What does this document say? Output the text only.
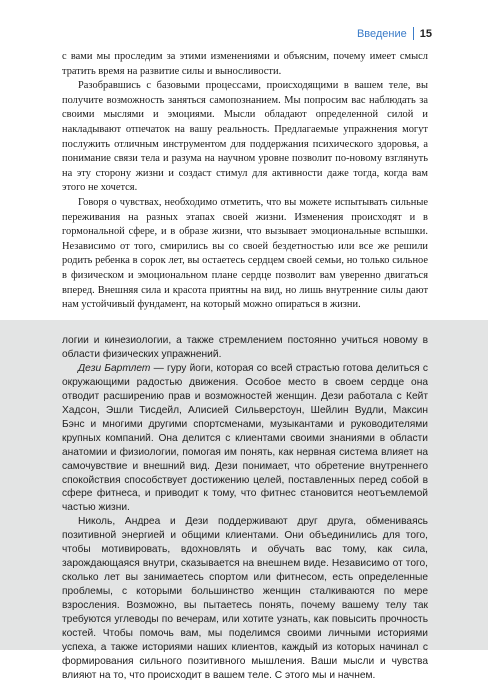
Введение 15

с вами мы проследим за этими изменениями и объясним, почему имеет смысл тратить время на развитие силы и выносливости.

Разобравшись с базовыми процессами, происходящими в вашем теле, вы получите возможность заняться самопознанием. Мы попросим вас наблюдать за своими мыслями и эмоциями. Мысли обладают определенной силой и накладывают отпечаток на вашу реальность. Предлагаемые упражнения могут послужить отличным инструментом для поддержания психического здоровья, а понимание связи тела и разума на научном уровне позволит по-новому взглянуть на эту сторону жизни и создаст стимул для активности даже тогда, когда вам этого не хочется.

Говоря о чувствах, необходимо отметить, что вы можете испытывать сильные переживания на разных этапах своей жизни. Изменения происходят и в гормональной сфере, и в образе жизни, что вызывает эмоциональные вспышки. Независимо от того, смирились вы со своей бездетностью или все же решили родить ребенка в сорок лет, вы остаетесь сердцем своей семьи, но только сильное в физическом и эмоциональном плане сердце позволит вам уверенно двигаться вперед. Внешняя сила и красота приятны на вид, но лишь внутренние силы дают нам устойчивый фундамент, на который можно опираться в жизни.

логии и кинезиологии, а также стремлением постоянно учиться новому в области физических упражнений.

Дези Бартлет — гуру йоги, которая со всей страстью готова делиться с окружающими радостью движения. Особое место в своем сердце она отводит расширению прав и возможностей женщин. Дези работала с Кейт Хадсон, Эшли Тисдейл, Алисией Сильверстоун, Шейлин Вудли, Максин Бэнс и многими другими спортсменами, музыкантами и руководителями крупных компаний. Она делится с клиентами своими знаниями в области анатомии и физиологии, помогая им понять, как нервная система влияет на самочувствие и внешний вид. Дези понимает, что обретение внутреннего спокойствия способствует достижению целей, поставленных перед собой в сфере фитнеса, и приводит к тому, что фитнес становится неотъемлемой частью жизни.

Николь, Андреа и Дези поддерживают друг друга, обмениваясь позитивной энергией и общими клиентами. Они объединились для того, чтобы мотивировать, вдохновлять и обучать вас тому, как сила, зарождающаяся внутри, сказывается на внешнем виде. Независимо от того, сколько лет вы занимаетесь спортом или фитнесом, есть определенные проблемы, с которыми большинство женщин сталкиваются по мере взросления. Возможно, вы пытаетесь понять, почему вашему телу так требуются углеводы по вечерам, или хотите узнать, как повысить прочность костей. Чтобы помочь вам, мы поделимся своими личными историями успеха, а также историями наших клиентов, каждый из которых начинал с формирования сильного позитивного мышления. Ваши мысли и чувства влияют на то, что происходит в вашем теле. С этого мы и начнем.
